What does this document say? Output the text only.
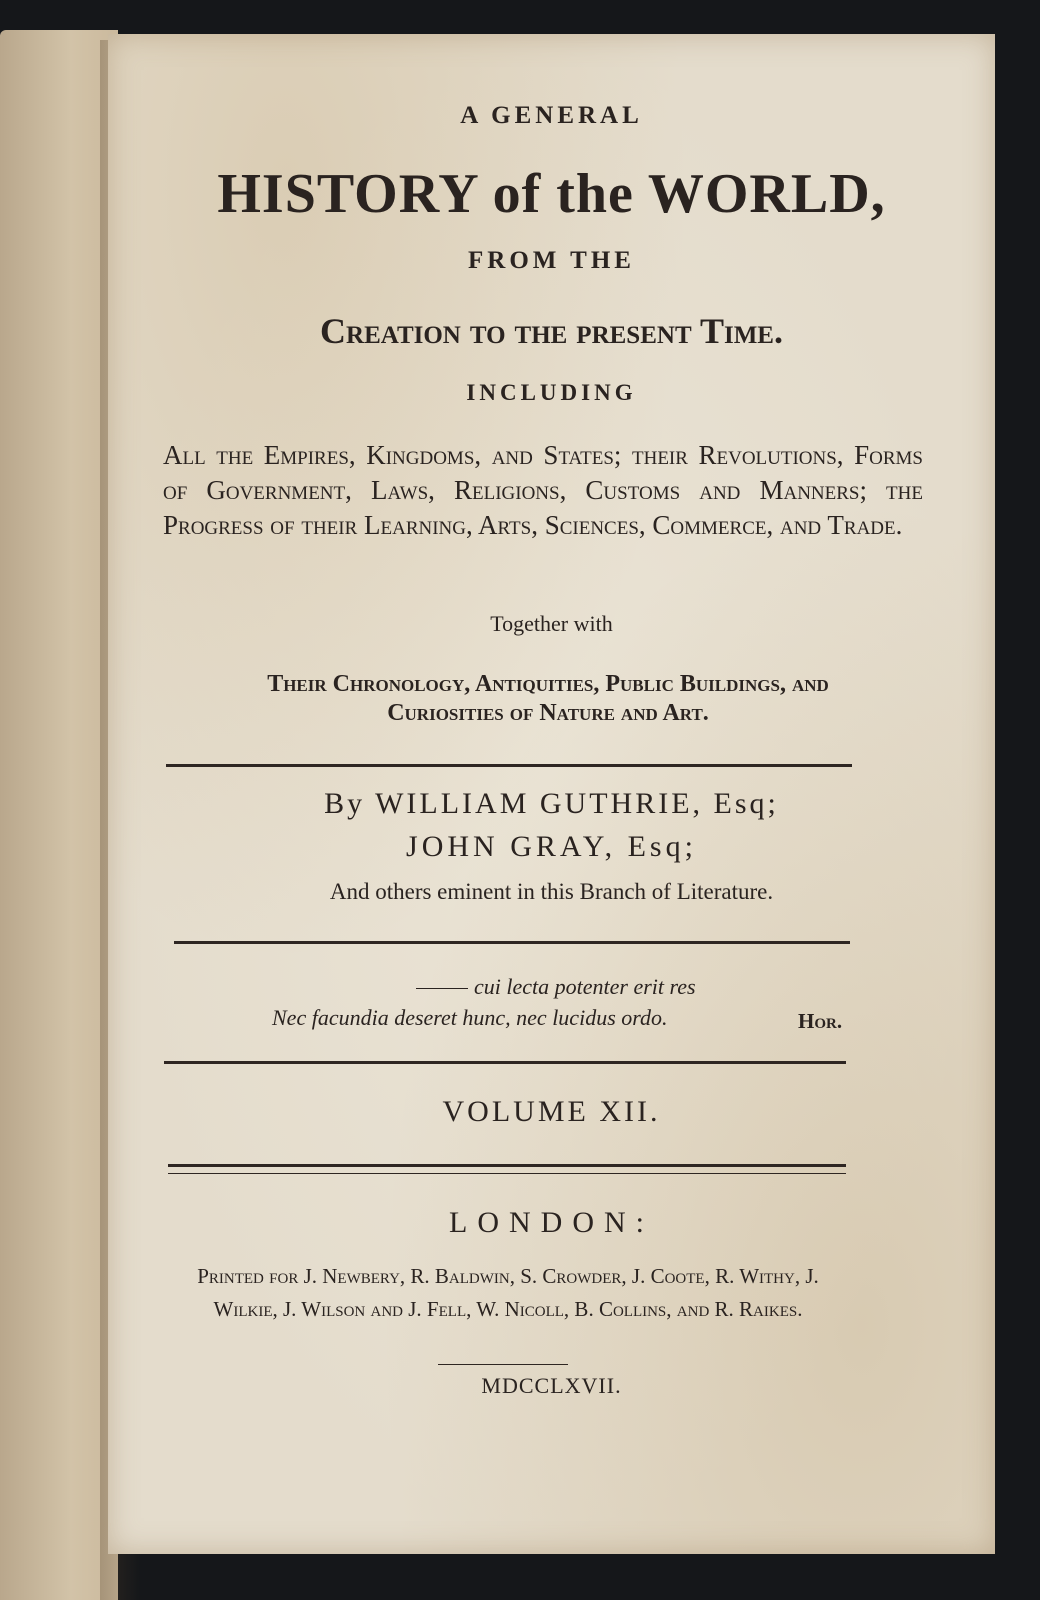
A GENERAL
HISTORY of the WORLD,
FROM THE
Creation to the present Time.
INCLUDING
All the Empires, Kingdoms, and States; their Revolutions, Forms of Government, Laws, Religions, Customs and Manners; the Progress of their Learning, Arts, Sciences, Commerce, and Trade.
Together with
Their Chronology, Antiquities, Public Buildings, and Curiosities of Nature and Art.
By WILLIAM GUTHRIE, Esq;
JOHN GRAY, Esq;
And others eminent in this Branch of Literature.
cui lecta potenter erit res
Nec facundia deseret hunc, nec lucidus ordo.	Hor.
VOLUME XII.
LONDON:
Printed for J. Newbery, R. Baldwin, S. Crowder, J. Coote, R. Withy, J. Wilkie, J. Wilson and J. Fell, W. Nicoll, B. Collins, and R. Raikes.
MDCCLXVII.
